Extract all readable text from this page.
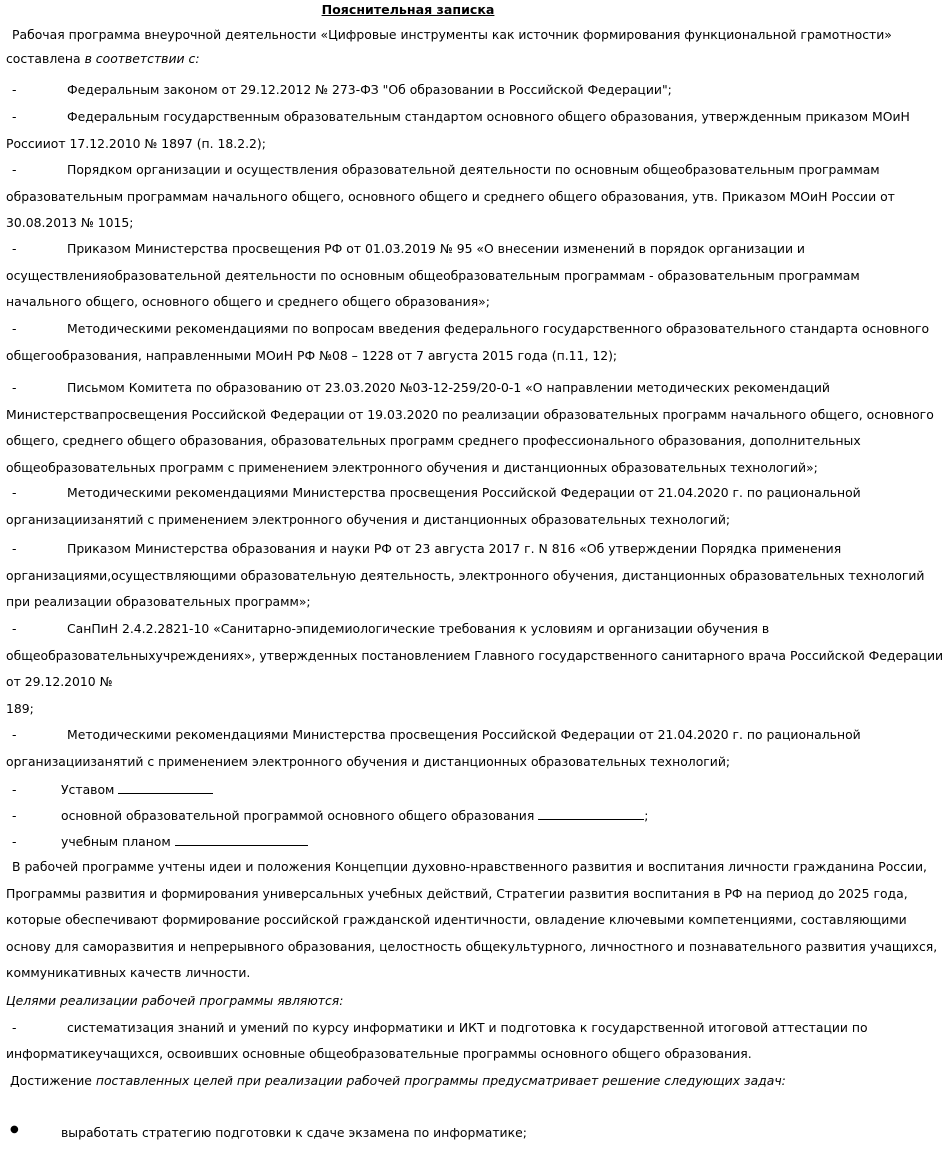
Пояснительная записка
Рабочая программа внеурочной деятельности «Цифровые инструменты как источник формирования функциональной грамотности»
составлена в соответствии с:
-	Федеральным законом от 29.12.2012 № 273-ФЗ "Об образовании в Российской Федерации";
-	Федеральным государственным образовательным стандартом основного общего образования, утвержденным приказом МОиН
Россииот 17.12.2010 № 1897 (п. 18.2.2);
-	Порядком организации и осуществления образовательной деятельности по основным общеобразовательным программам
образовательным программам начального общего, основного общего и среднего общего образования, утв. Приказом МОиН России от
30.08.2013 № 1015;
-	Приказом Министерства просвещения РФ от 01.03.2019 № 95 «О внесении изменений в порядок организации и
осуществленияобразовательной деятельности по основным общеобразовательным программам - образовательным программам
начального общего, основного общего и среднего общего образования»;
-	Методическими рекомендациями по вопросам введения федерального государственного образовательного стандарта основного
общегообразования, направленными МОиН РФ №08 – 1228 от 7 августа 2015 года (п.11, 12);
-	Письмом Комитета по образованию от 23.03.2020 №03-12-259/20-0-1 «О направлении методических рекомендаций
Министерствапросвещения Российской Федерации от 19.03.2020 по реализации образовательных программ начального общего, основного
общего, среднего общего образования, образовательных программ среднего профессионального образования, дополнительных
общеобразовательных программ с применением электронного обучения и дистанционных образовательных технологий»;
-	Методическими рекомендациями Министерства просвещения Российской Федерации от 21.04.2020 г. по рациональной
организациизанятий с применением электронного обучения и дистанционных образовательных технологий;
-	Приказом Министерства образования и науки РФ от 23 августа 2017 г. N 816 «Об утверждении Порядка применения
организациями,осуществляющими образовательную деятельность, электронного обучения, дистанционных образовательных технологий
при реализации образовательных программ»;
-	СанПиН 2.4.2.2821-10 «Санитарно-эпидемиологические требования к условиям и организации обучения в
общеобразовательныхучреждениях», утвержденных постановлением Главного государственного санитарного врача Российской Федерации
от 29.12.2010 №
189;
-	Методическими рекомендациями Министерства просвещения Российской Федерации от 21.04.2020 г. по рациональной
организациизанятий с применением электронного обучения и дистанционных образовательных технологий;
-	Уставом
-	основной образовательной программой основного общего образования	;
-	учебным планом
В рабочей программе учтены идеи и положения Концепции духовно-нравственного развития и воспитания личности гражданина России,
Программы развития и формирования универсальных учебных действий, Стратегии развития воспитания в РФ на период до 2025 года,
которые обеспечивают формирование российской гражданской идентичности, овладение ключевыми компетенциями, составляющими
основу для саморазвития и непрерывного образования, целостность общекультурного, личностного и познавательного развития учащихся,
коммуникативных качеств личности.
Целями реализации рабочей программы являются:
-	систематизация знаний и умений по курсу информатики и ИКТ и подготовка к государственной итоговой аттестации по
информатикеучащихся, освоивших основные общеобразовательные программы основного общего образования.
Достижение поставленных целей при реализации рабочей программы предусматривает решение следующих задач:
●	выработать стратегию подготовки к сдаче экзамена по информатике;
